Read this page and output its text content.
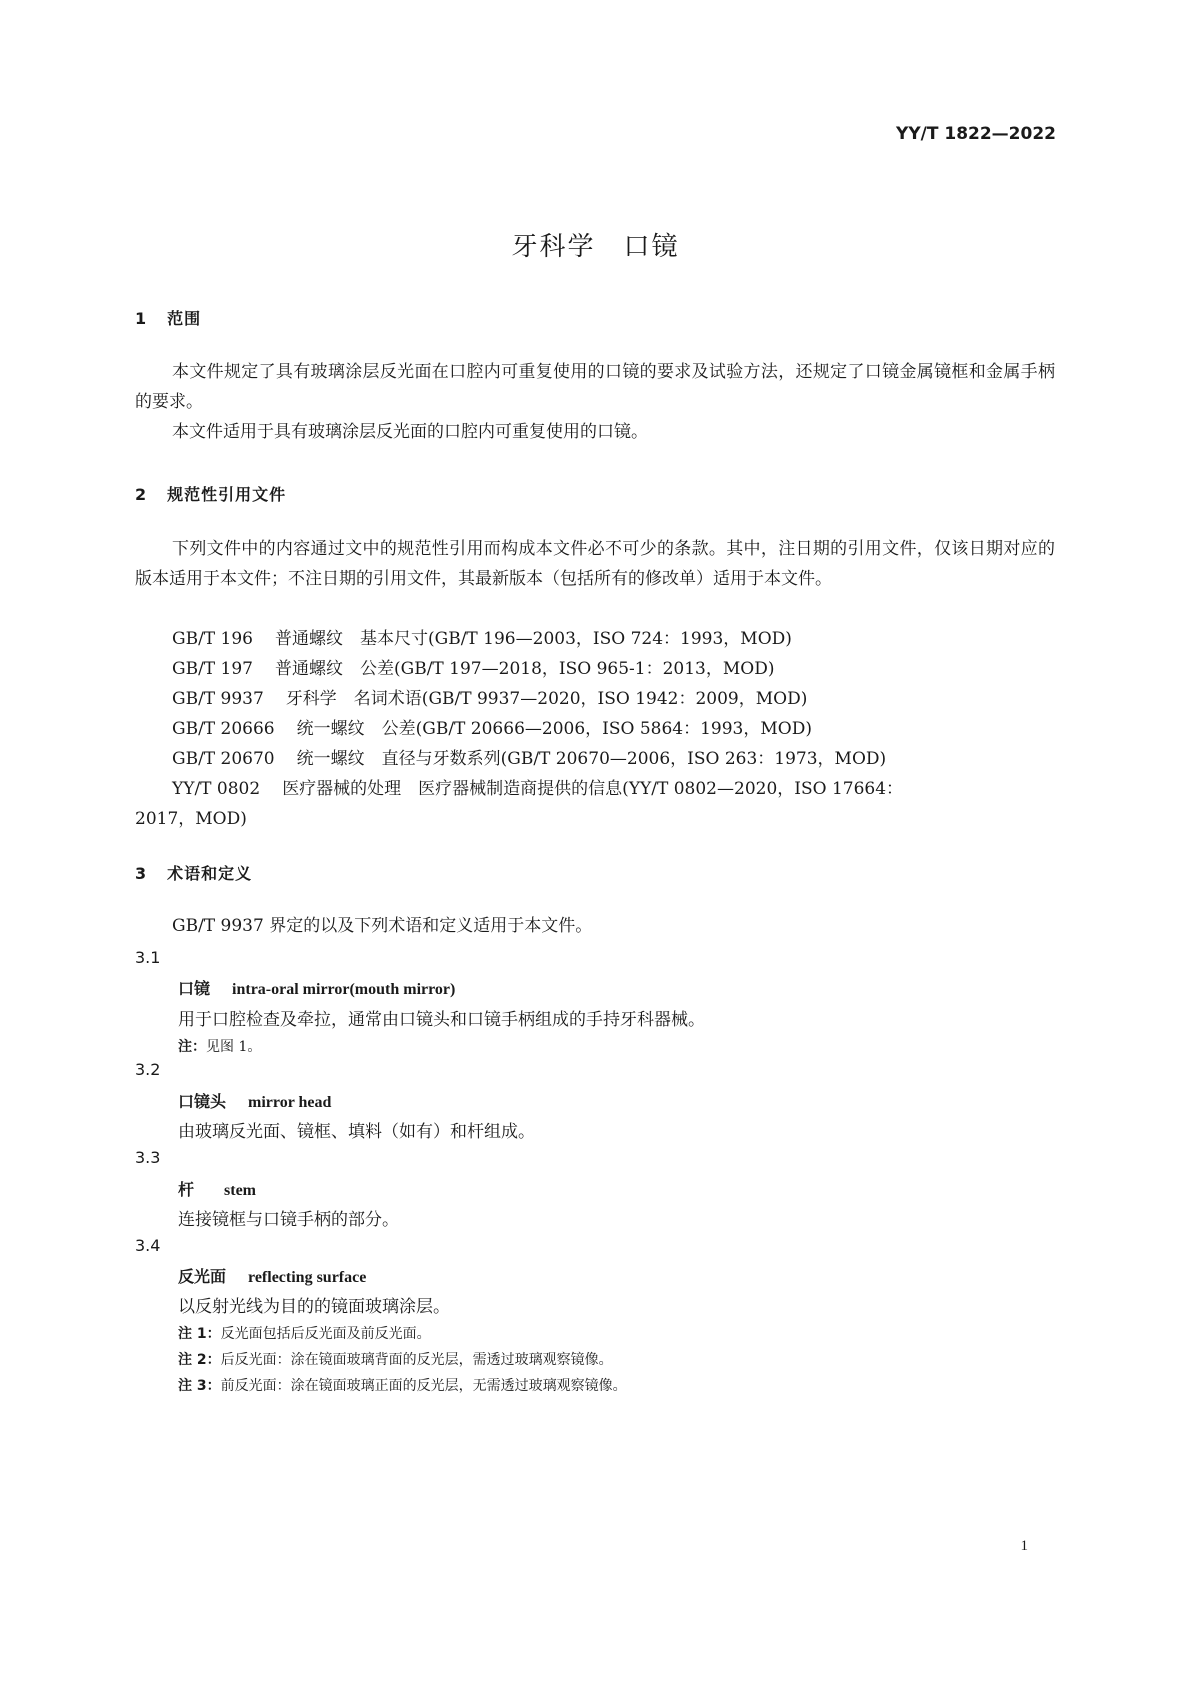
YY/T 1822—2022
牙科学　口镜
1 范围
本文件规定了具有玻璃涂层反光面在口腔内可重复使用的口镜的要求及试验方法，还规定了口镜金属镜框和金属手柄的要求。
本文件适用于具有玻璃涂层反光面的口腔内可重复使用的口镜。
2 规范性引用文件
下列文件中的内容通过文中的规范性引用而构成本文件必不可少的条款。其中，注日期的引用文件，仅该日期对应的版本适用于本文件；不注日期的引用文件，其最新版本（包括所有的修改单）适用于本文件。
GB/T 196 普通螺纹　基本尺寸(GB/T 196—2003，ISO 724：1993，MOD)
GB/T 197 普通螺纹　公差(GB/T 197—2018，ISO 965-1：2013，MOD)
GB/T 9937 牙科学　名词术语(GB/T 9937—2020，ISO 1942：2009，MOD)
GB/T 20666 统一螺纹　公差(GB/T 20666—2006，ISO 5864：1993，MOD)
GB/T 20670 统一螺纹　直径与牙数系列(GB/T 20670—2006，ISO 263：1973，MOD)
YY/T 0802 医疗器械的处理　医疗器械制造商提供的信息(YY/T 0802—2020，ISO 17664：
2017，MOD)
3 术语和定义
GB/T 9937 界定的以及下列术语和定义适用于本文件。
3.1
口镜 intra-oral mirror(mouth mirror)
用于口腔检查及牵拉，通常由口镜头和口镜手柄组成的手持牙科器械。
注：见图 1。
3.2
口镜头 mirror head
由玻璃反光面、镜框、填料（如有）和杆组成。
3.3
杆 stem
连接镜框与口镜手柄的部分。
3.4
反光面 reflecting surface
以反射光线为目的的镜面玻璃涂层。
注 1：反光面包括后反光面及前反光面。
注 2：后反光面：涂在镜面玻璃背面的反光层，需透过玻璃观察镜像。
注 3：前反光面：涂在镜面玻璃正面的反光层，无需透过玻璃观察镜像。
1
